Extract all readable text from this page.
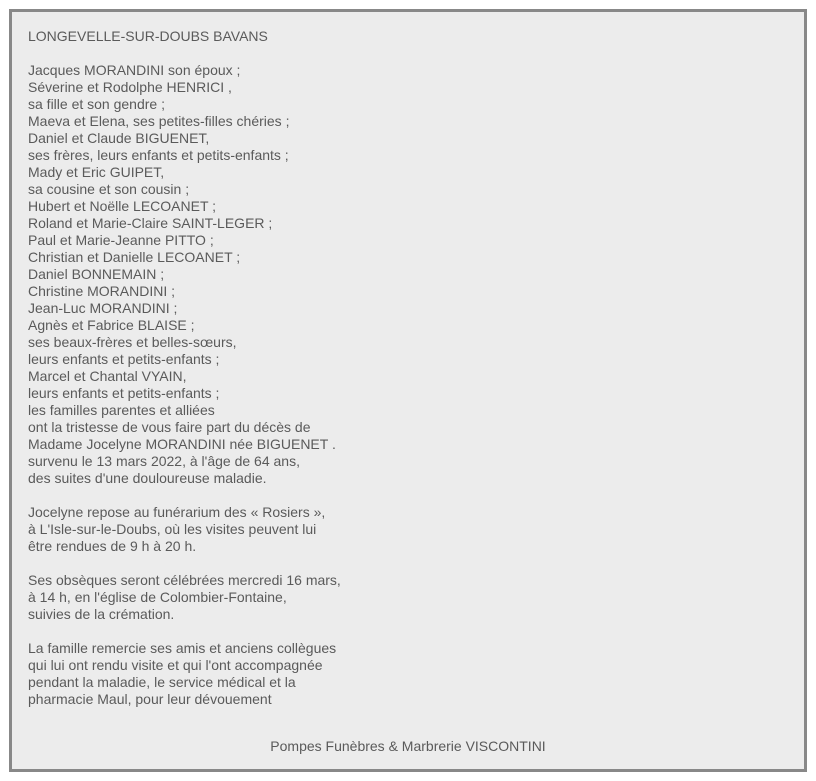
LONGEVELLE-SUR-DOUBS BAVANS
Jacques MORANDINI son époux ;
Séverine et Rodolphe HENRICI ,
sa fille et son gendre ;
Maeva et Elena, ses petites-filles chéries ;
Daniel et Claude BIGUENET,
ses frères, leurs enfants et petits-enfants ;
Mady et Eric GUIPET,
sa cousine et son cousin ;
Hubert et Noëlle LECOANET ;
Roland et Marie-Claire SAINT-LEGER ;
Paul et Marie-Jeanne PITTO ;
Christian et Danielle LECOANET ;
Daniel BONNEMAIN ;
Christine MORANDINI ;
Jean-Luc MORANDINI ;
Agnès et Fabrice BLAISE ;
ses beaux-frères et belles-sœurs,
leurs enfants et petits-enfants ;
Marcel et Chantal VYAIN,
leurs enfants et petits-enfants ;
les familles parentes et alliées
ont la tristesse de vous faire part du décès de
Madame Jocelyne MORANDINI née BIGUENET .
survenu le 13 mars 2022, à l'âge de 64 ans,
des suites d'une douloureuse maladie.
Jocelyne repose au funérarium des « Rosiers »,
à L'Isle-sur-le-Doubs, où les visites peuvent lui
être rendues de 9 h à 20 h.
Ses obsèques seront célébrées mercredi 16 mars,
à 14 h, en l'église de Colombier-Fontaine,
suivies de la crémation.
La famille remercie ses amis et anciens collègues
qui lui ont rendu visite et qui l'ont accompagnée
pendant la maladie, le service médical et la
pharmacie Maul, pour leur dévouement
Pompes Funèbres & Marbrerie VISCONTINI
